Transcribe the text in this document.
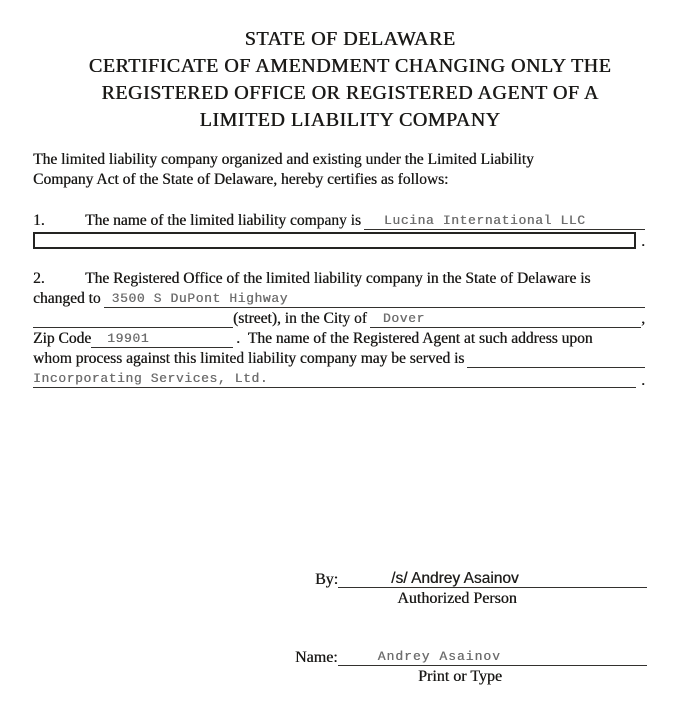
STATE OF DELAWARE
CERTIFICATE OF AMENDMENT CHANGING ONLY THE
REGISTERED OFFICE OR REGISTERED AGENT OF A
LIMITED LIABILITY COMPANY
The limited liability company organized and existing under the Limited Liability
Company Act of the State of Delaware, hereby certifies as follows:
1.	The name of the limited liability company is	Lucina International LLC
.
2.	The Registered Office of the limited liability company in the State of Delaware is
changed to 3500 S DuPont Highway
(street), in the City of	Dover	,
Zip Code	19901	. The name of the Registered Agent at such address upon
whom process against this limited liability company may be served is
Incorporating Services, Ltd.	.
By:	/s/ Andrey Asainov
Authorized Person
Name:	Andrey Asainov
Print or Type
